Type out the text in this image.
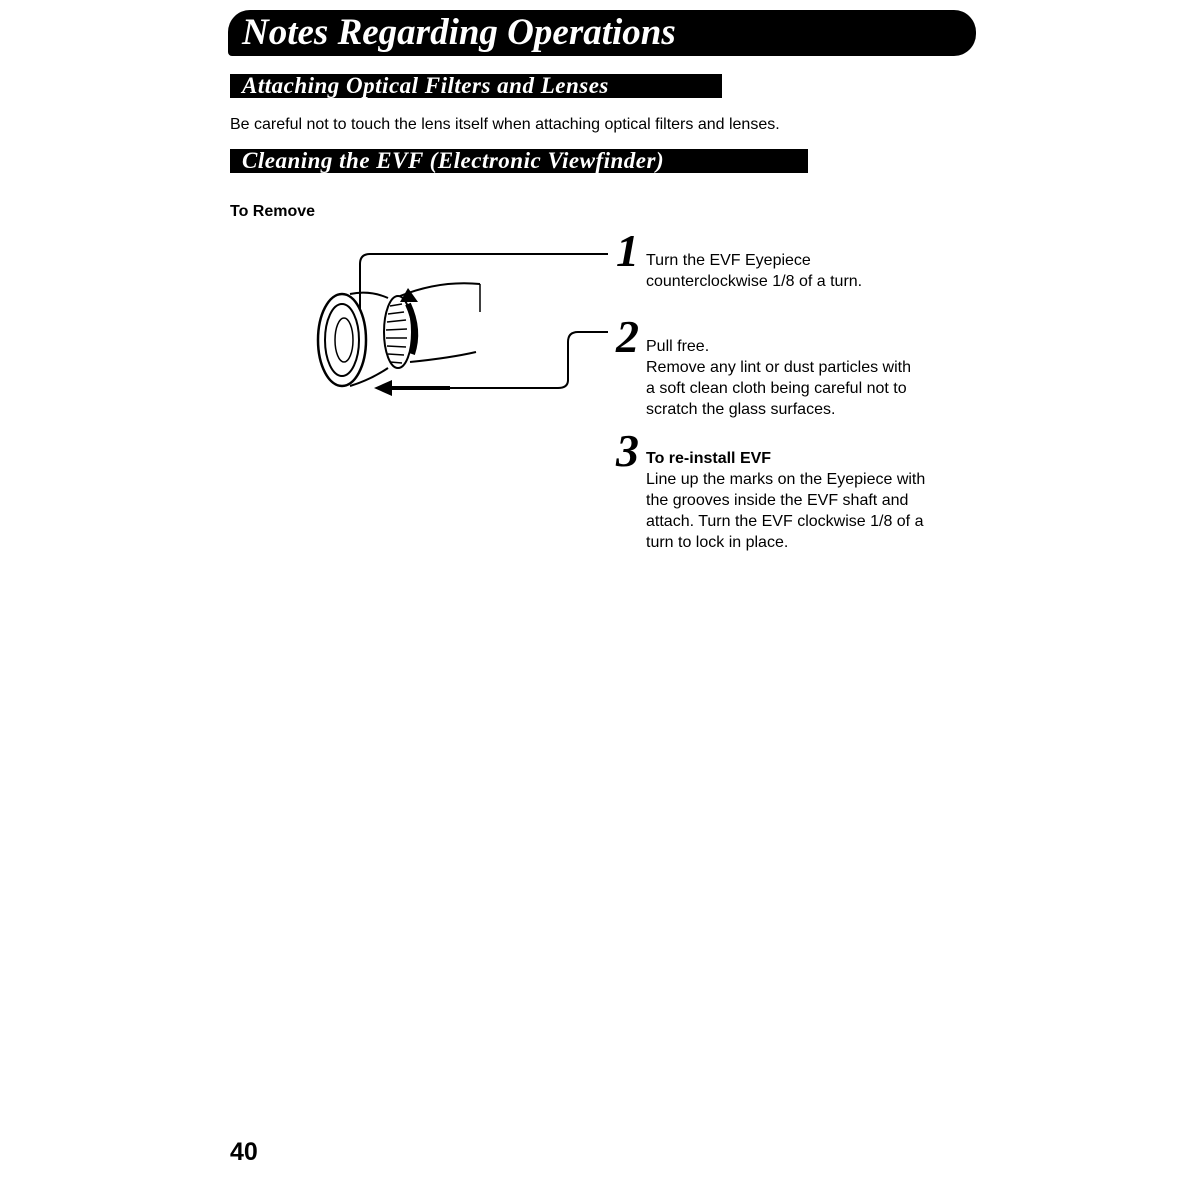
Notes Regarding Operations
Attaching Optical Filters and Lenses
Be careful not to touch the lens itself when attaching optical filters and lenses.
Cleaning the EVF (Electronic Viewfinder)
To Remove
1 Turn the EVF Eyepiece
counterclockwise 1/8 of a turn.
2 Pull free.
Remove any lint or dust particles with
a soft clean cloth being careful not to
scratch the glass surfaces.
3 To re-install EVF
Line up the marks on the Eyepiece with
the grooves inside the EVF shaft and
attach. Turn the EVF clockwise 1/8 of a
turn to lock in place.
40
